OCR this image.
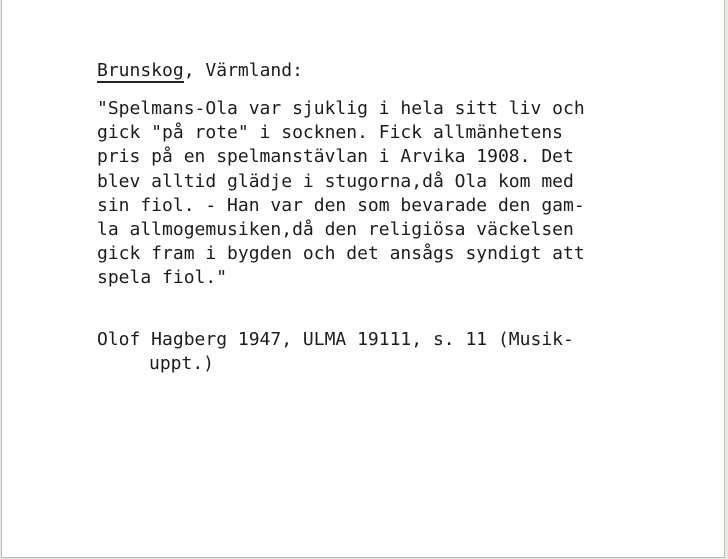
Brunskog, Värmland:
"Spelmans-Ola var sjuklig i hela sitt liv och
gick "på rote" i socknen. Fick allmänhetens
pris på en spelmanstävlan i Arvika 1908. Det
blev alltid glädje i stugorna,då Ola kom med
sin fiol. - Han var den som bevarade den gam-
la allmogemusiken,då den religiösa väckelsen
gick fram i bygden och det ansågs syndigt att
spela fiol."
Olof Hagberg 1947, ULMA 19111, s. 11 (Musik-
uppt.)
